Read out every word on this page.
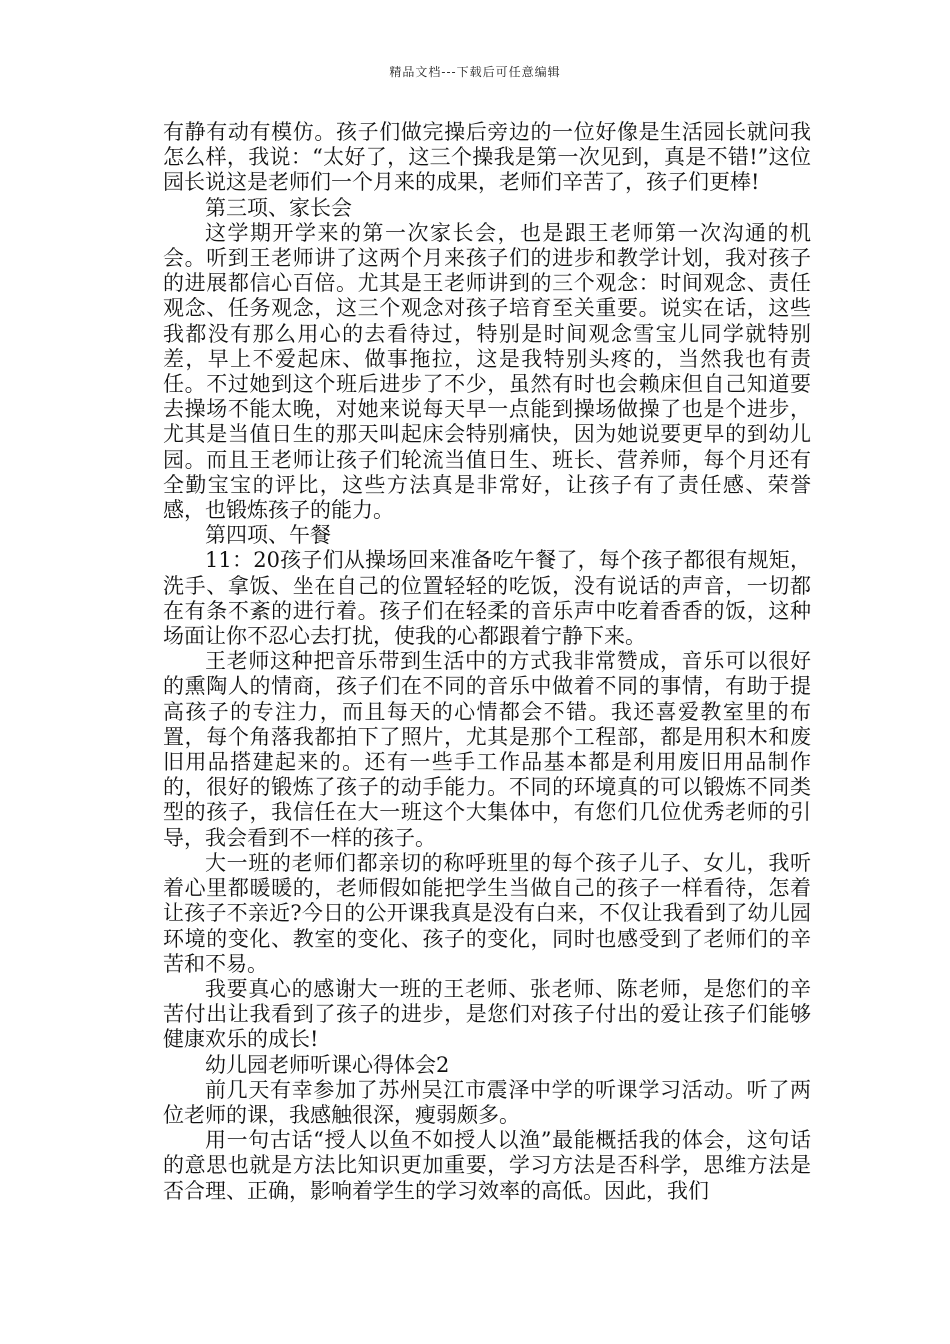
精品文档---下载后可任意编辑

有静有动有模仿。孩子们做完操后旁边的一位好像是生活园长就问我怎么样，我说：“太好了，这三个操我是第一次见到，真是不错!”这位园长说这是老师们一个月来的成果，老师们辛苦了，孩子们更棒!

第三项、家长会

这学期开学来的第一次家长会，也是跟王老师第一次沟通的机会。听到王老师讲了这两个月来孩子们的进步和教学计划，我对孩子的进展都信心百倍。尤其是王老师讲到的三个观念：时间观念、责任观念、任务观念，这三个观念对孩子培育至关重要。说实在话，这些我都没有那么用心的去看待过，特别是时间观念雪宝儿同学就特别差，早上不爱起床、做事拖拉，这是我特别头疼的，当然我也有责任。不过她到这个班后进步了不少，虽然有时也会赖床但自己知道要去操场不能太晚，对她来说每天早一点能到操场做操了也是个进步，尤其是当值日生的那天叫起床会特别痛快，因为她说要更早的到幼儿园。而且王老师让孩子们轮流当值日生、班长、营养师，每个月还有全勤宝宝的评比，这些方法真是非常好，让孩子有了责任感、荣誉感，也锻炼孩子的能力。

第四项、午餐

11：20孩子们从操场回来准备吃午餐了，每个孩子都很有规矩，洗手、拿饭、坐在自己的位置轻轻的吃饭，没有说话的声音，一切都在有条不紊的进行着。孩子们在轻柔的音乐声中吃着香香的饭，这种场面让你不忍心去打扰，使我的心都跟着宁静下来。

王老师这种把音乐带到生活中的方式我非常赞成，音乐可以很好的熏陶人的情商，孩子们在不同的音乐中做着不同的事情，有助于提高孩子的专注力，而且每天的心情都会不错。我还喜爱教室里的布置，每个角落我都拍下了照片，尤其是那个工程部，都是用积木和废旧用品搭建起来的。还有一些手工作品基本都是利用废旧用品制作的，很好的锻炼了孩子的动手能力。不同的环境真的可以锻炼不同类型的孩子，我信任在大一班这个大集体中，有您们几位优秀老师的引导，我会看到不一样的孩子。

大一班的老师们都亲切的称呼班里的每个孩子儿子、女儿，我听着心里都暖暖的，老师假如能把学生当做自己的孩子一样看待，怎着让孩子不亲近?今日的公开课我真是没有白来，不仅让我看到了幼儿园环境的变化、教室的变化、孩子的变化，同时也感受到了老师们的辛苦和不易。

我要真心的感谢大一班的王老师、张老师、陈老师，是您们的辛苦付出让我看到了孩子的进步，是您们对孩子付出的爱让孩子们能够健康欢乐的成长!

幼儿园老师听课心得体会2

前几天有幸参加了苏州吴江市震泽中学的听课学习活动。听了两位老师的课，我感触很深，瘦弱颇多。

用一句古话“授人以鱼不如授人以渔”最能概括我的体会，这句话的意思也就是方法比知识更加重要，学习方法是否科学，思维方法是否合理、正确，影响着学生的学习效率的高低。因此，我们
